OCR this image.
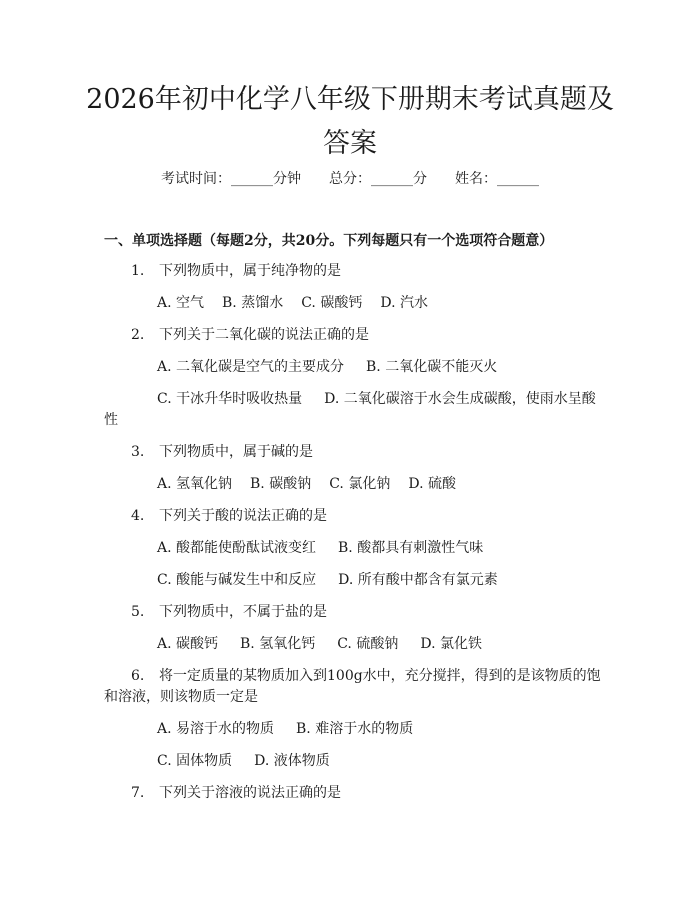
2026年初中化学八年级下册期末考试真题及答案
考试时间：______分钟　　总分：______分　　姓名：______
一、单项选择题（每题2分，共20分。下列每题只有一个选项符合题意）
1. 下列物质中，属于纯净物的是
A. 空气 B. 蒸馏水 C. 碳酸钙 D. 汽水
2. 下列关于二氧化碳的说法正确的是
A. 二氧化碳是空气的主要成分 B. 二氧化碳不能灭火
C. 干冰升华时吸收热量 D. 二氧化碳溶于水会生成碳酸，使雨水呈酸
性
3. 下列物质中，属于碱的是
A. 氢氧化钠 B. 碳酸钠 C. 氯化钠 D. 硫酸
4. 下列关于酸的说法正确的是
A. 酸都能使酚酞试液变红 B. 酸都具有刺激性气味
C. 酸能与碱发生中和反应 D. 所有酸中都含有氯元素
5. 下列物质中，不属于盐的是
A. 碳酸钙 B. 氢氧化钙 C. 硫酸钠 D. 氯化铁
6. 将一定质量的某物质加入到100g水中，充分搅拌，得到的是该物质的饱
和溶液，则该物质一定是
A. 易溶于水的物质 B. 难溶于水的物质
C. 固体物质 D. 液体物质
7. 下列关于溶液的说法正确的是
